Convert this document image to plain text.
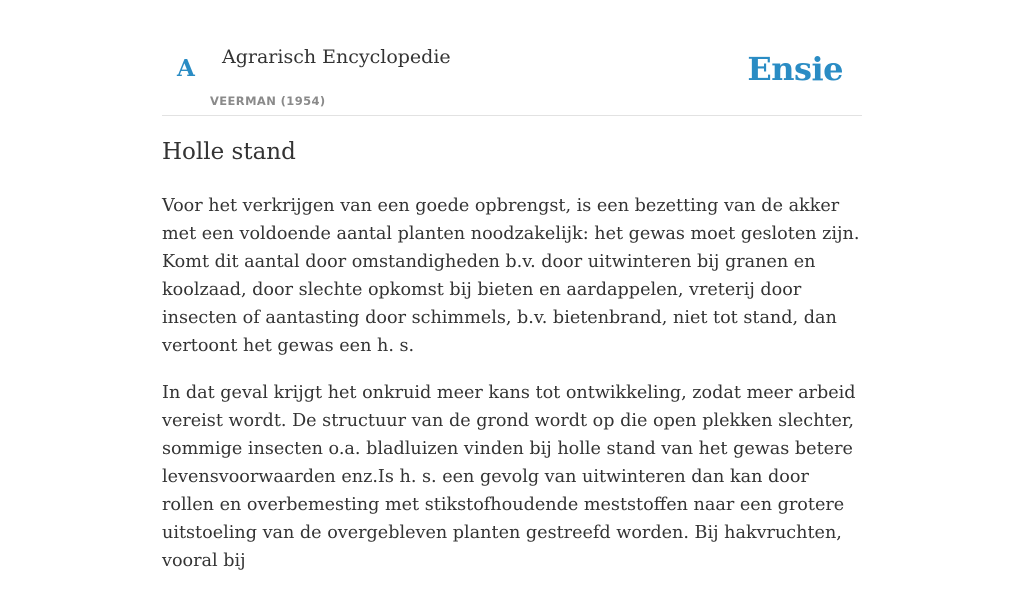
A Agrarisch Encyclopedie
VEERMAN (1954)
Ensie
Holle stand

Voor het verkrijgen van een goede opbrengst, is een bezetting van de akker met een voldoende aantal planten noodzakelijk: het gewas moet gesloten zijn. Komt dit aantal door omstandigheden b.v. door uitwinteren bij granen en koolzaad, door slechte opkomst bij bieten en aardappelen, vreterij door insecten of aantasting door schimmels, b.v. bietenbrand, niet tot stand, dan vertoont het gewas een h. s.

In dat geval krijgt het onkruid meer kans tot ontwikkeling, zodat meer arbeid vereist wordt. De structuur van de grond wordt op die open plekken slechter, sommige insecten o.a. bladluizen vinden bij holle stand van het gewas betere levensvoorwaarden enz.Is h. s. een gevolg van uitwinteren dan kan door rollen en overbemesting met stikstofhoudende meststoffen naar een grotere uitstoeling van de overgebleven planten gestreefd worden. Bij hakvruchten, vooral bij
